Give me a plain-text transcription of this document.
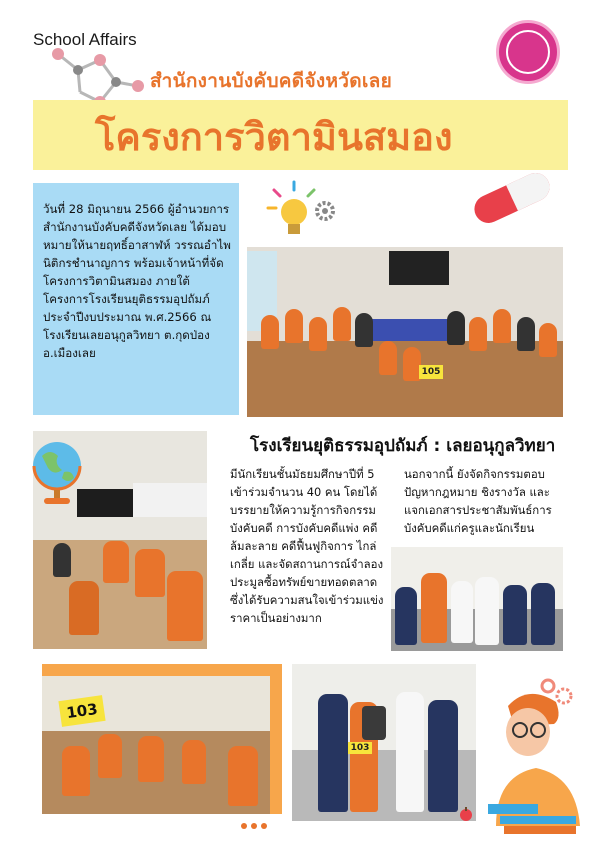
School Affairs
สำนักงานบังคับคดีจังหวัดเลย
โครงการวิตามินสมอง
วันที่ 28 มิถุนายน 2566 ผู้อำนวยการสำนักงานบังคับคดีจังหวัดเลย ได้มอบหมายให้นายฤทธิ์อาสาฬห์ วรรณอำไพ นิติกรชำนาญการ พร้อมเจ้าหน้าที่จัดโครงการวิตามินสมอง ภายใต้โครงการโรงเรียนยุติธรรมอุปถัมภ์ ประจำปีงบประมาณ พ.ศ.2566 ณ โรงเรียนเลยอนุกูลวิทยา ต.กุดป่อง อ.เมืองเลย
105
โรงเรียนยุติธรรมอุปถัมภ์ : เลยอนุกูลวิทยา
มีนักเรียนชั้นมัธยมศึกษาปีที่ 5 เข้าร่วมจำนวน 40 คน โดยได้บรรยายให้ความรู้การกิจกรรมบังคับคดี การบังคับคดีแพ่ง คดีล้มละลาย คดีฟื้นฟูกิจการ ไกล่เกลี่ย และจัดสถานการณ์จำลองประมูลซื้อทรัพย์ขายทอดตลาด ซึ่งได้รับความสนใจเข้าร่วมแข่งราคาเป็นอย่างมาก
นอกจากนี้ ยังจัดกิจกรรมตอบปัญหากฎหมาย ชิงรางวัล และแจกเอกสารประชาสัมพันธ์การบังคับคดีแก่ครูและนักเรียน
103
103
